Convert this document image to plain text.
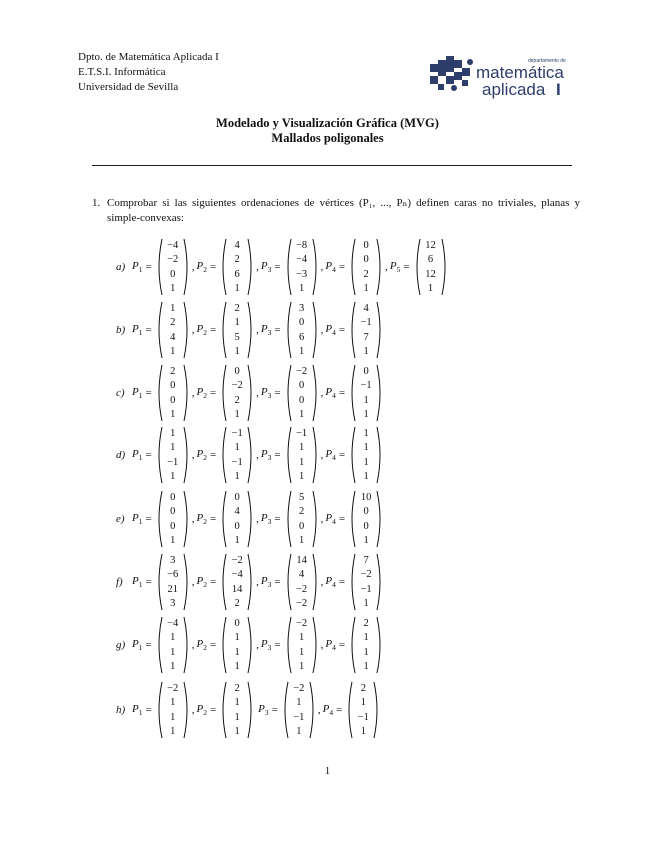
Dpto. de Matemática Aplicada I
E.T.S.I. Informática
Universidad de Sevilla
departamento de
matemática
aplicada I
Modelado y Visualización Gráfica (MVG)
Mallados poligonales
1. Comprobar si las siguientes ordenaciones de vértices (P₁, ..., Pₙ) definen caras no triviales, planas y simple-convexas:
a) $P_1$ =
−4
−2
0
1
, $P_2$ =
4
2
6
1
, $P_3$ =
−8
−4
−3
1
, $P_4$ =
0
0
2
1
, $P_5$ =
12
6
12
1
b) $P_1$ =
1
2
4
1
, $P_2$ =
2
1
5
1
, $P_3$ =
3
0
6
1
, $P_4$ =
4
−1
7
1
c) $P_1$ =
2
0
0
1
, $P_2$ =
0
−2
2
1
, $P_3$ =
−2
0
0
1
, $P_4$ =
0
−1
1
1
d) $P_1$ =
1
1
−1
1
, $P_2$ =
−1
1
−1
1
, $P_3$ =
−1
1
1
1
, $P_4$ =
1
1
1
1
e) $P_1$ =
0
0
0
1
, $P_2$ =
0
4
0
1
, $P_3$ =
5
2
0
1
, $P_4$ =
10
0
0
1
f) $P_1$ =
3
−6
21
3
, $P_2$ =
−2
−4
14
2
, $P_3$ =
14
4
−2
−2
, $P_4$ =
7
−2
−1
1
g) $P_1$ =
−4
1
1
1
, $P_2$ =
0
1
1
1
, $P_3$ =
−2
1
1
1
, $P_4$ =
2
1
1
1
h) $P_1$ =
−2
1
1
1
, $P_2$ =
2
1
1
1
$P_3$ =
−2
1
−1
1
, $P_4$ =
2
1
−1
1
1
